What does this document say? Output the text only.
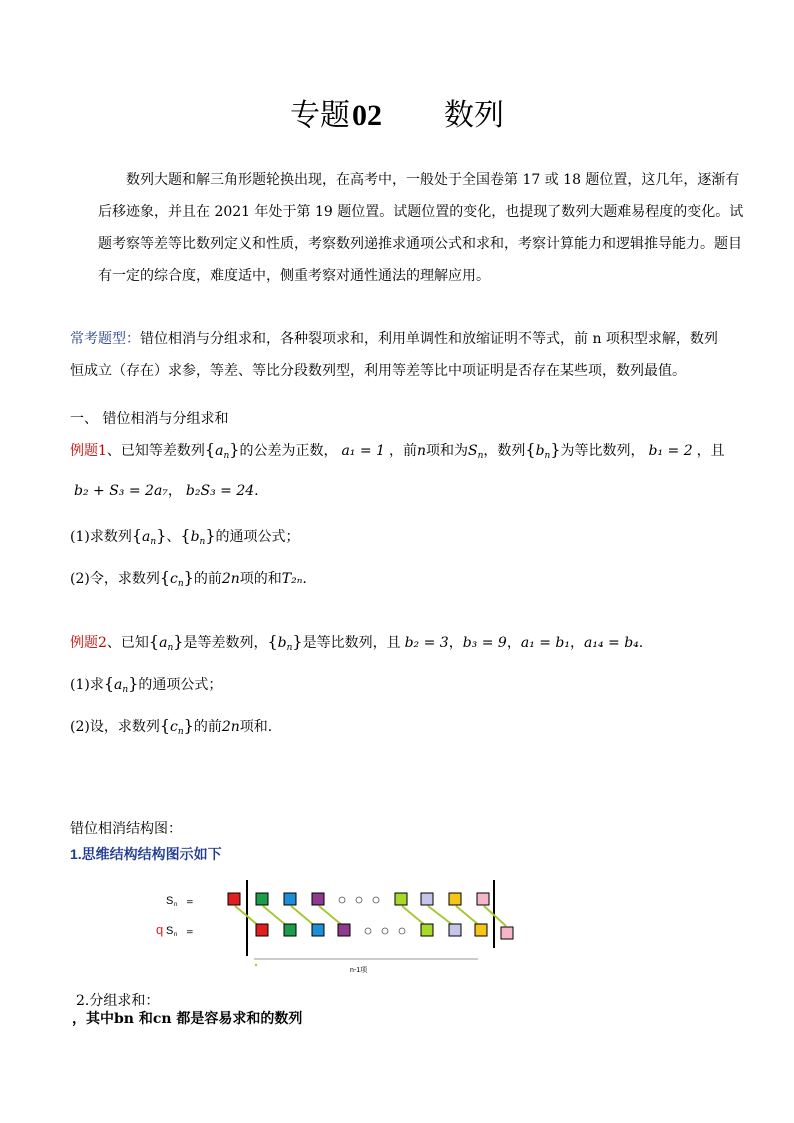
专题02 数列
数列大题和解三角形题轮换出现，在高考中，一般处于全国卷第 17 或 18 题位置，这几年，逐渐有后移迹象，并且在 2021 年处于第 19 题位置。试题位置的变化，也提现了数列大题难易程度的变化。试题考察等差等比数列定义和性质，考察数列递推求通项公式和求和，考察计算能力和逻辑推导能力。题目有一定的综合度，难度适中，侧重考察对通性通法的理解应用。
常考题型：错位相消与分组求和，各种裂项求和，利用单调性和放缩证明不等式，前 n 项积型求解，数列
恒成立（存在）求参，等差、等比分段数列型，利用等差等比中项证明是否存在某些项，数列最值。
一、 错位相消与分组求和
例题1、已知等差数列$\{a_n\}$的公差为正数， a₁ = 1 ，前n项和为$S_n$，数列$\{b_n\}$为等比数列， b₁ = 2 ，且
b₂ + S₃ = 2a₇， b₂S₃ = 24.
(1)求数列$\{a_n\}$、$\{b_n\}$的通项公式；
(2)令，求数列$\{c_n\}$的前2n项的和T₂ₙ.
例题2、已知$\{a_n\}$是等差数列，$\{b_n\}$是等比数列，且 b₂ = 3，b₃ = 9，a₁ = b₁，a₁₄ = b₄.
(1)求$\{a_n\}$的通项公式；
(2)设，求数列$\{c_n\}$的前2n项和.
错位相消结构图：
1.思维结构结构图示如下
S n =
q S n =
n-1项
2.分组求和：
，其中bn 和cn 都是容易求和的数列
